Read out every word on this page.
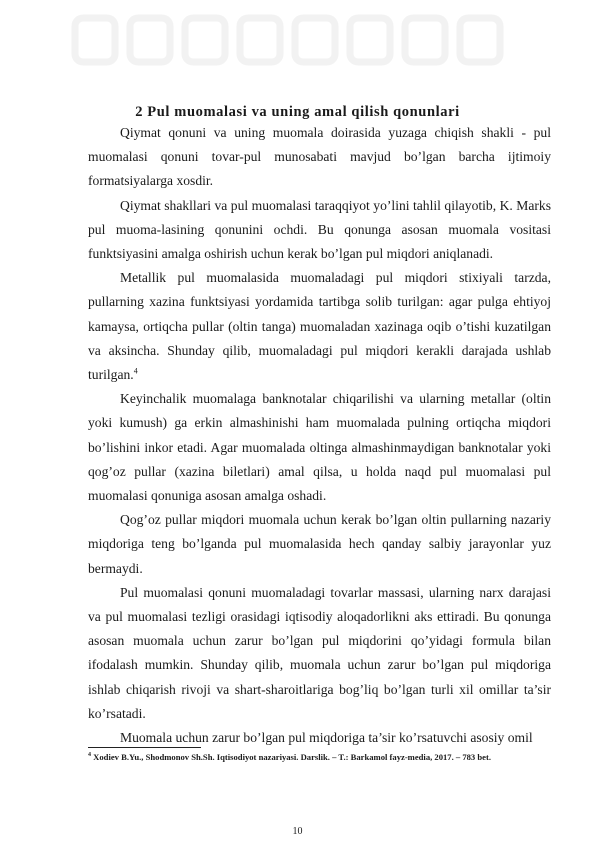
2 Pul muomalasi va uning amal qilish qonunlari

Qiymat qonuni va uning muomala doirasida yuzaga chiqish shakli - pul muomalasi qonuni tovar-pul munosabati mavjud bo’lgan barcha ijtimoiy formatsiyalarga xosdir.

Qiymat shakllari va pul muomalasi taraqqiyot yo’lini tahlil qilayotib, K. Marks pul muoma-lasining qonunini ochdi. Bu qonunga asosan muomala vositasi funktsiyasini amalga oshirish uchun kerak bo’lgan pul miqdori aniqlanadi.

Metallik pul muomalasida muomaladagi pul miqdori stixiyali tarzda, pullarning xazina funktsiyasi yordamida tartibga solib turilgan: agar pulga ehtiyoj kamaysa, ortiqcha pullar (oltin tanga) muomaladan xazinaga oqib o’tishi kuzatilgan va aksincha. Shunday qilib, muomaladagi pul miqdori kerakli darajada ushlab turilgan.$^4$

Keyinchalik muomalaga banknotalar chiqarilishi va ularning metallar (oltin yoki kumush) ga erkin almashinishi ham muomalada pulning ortiqcha miqdori bo’lishini inkor etadi. Agar muomalada oltinga almashinmaydigan banknotalar yoki qog’oz pullar (xazina biletlari) amal qilsa, u holda naqd pul muomalasi pul muomalasi qonuniga asosan amalga oshadi.

Qog’oz pullar miqdori muomala uchun kerak bo’lgan oltin pullarning nazariy miqdoriga teng bo’lganda pul muomalasida hech qanday salbiy jarayonlar yuz bermaydi.

Pul muomalasi qonuni muomaladagi tovarlar massasi, ularning narx darajasi va pul muomalasi tezligi orasidagi iqtisodiy aloqadorlikni aks ettiradi. Bu qonunga asosan muomala uchun zarur bo’lgan pul miqdorini qo’yidagi formula bilan ifodalash mumkin. Shunday qilib, muomala uchun zarur bo’lgan pul miqdoriga ishlab chiqarish rivoji va shart-sharoitlariga bog’liq bo’lgan turli xil omillar ta’sir ko’rsatadi.

Muomala uchun zarur bo’lgan pul miqdoriga ta’sir ko’rsatuvchi asosiy omil

$^4$ Xodiev B.Yu., Shodmonov Sh.Sh. Iqtisodiyot nazariyasi. Darslik. – T.: Barkamol fayz-media, 2017. – 783 bet.
10
